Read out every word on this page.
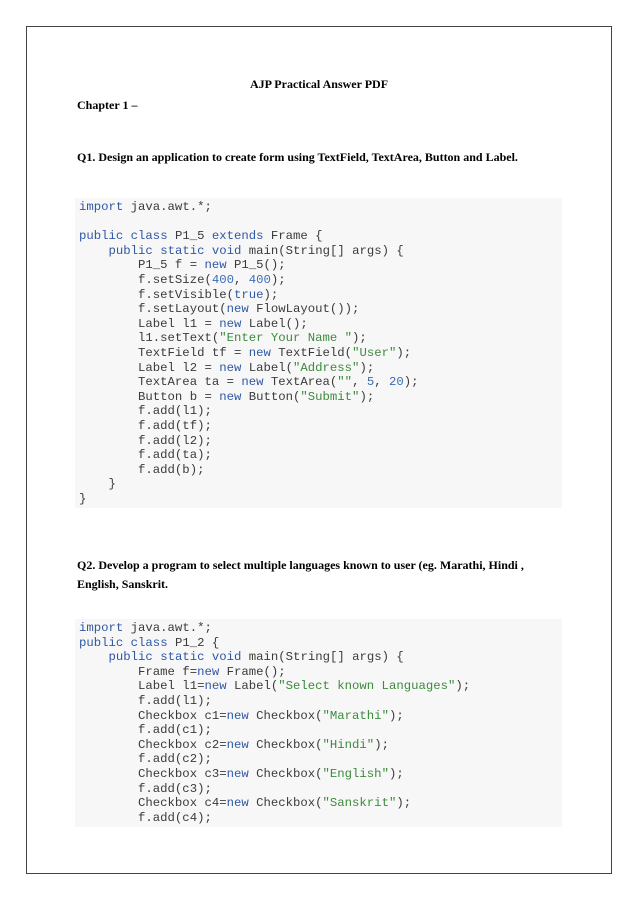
AJP Practical Answer PDF
Chapter 1 –
Q1. Design an application to create form using TextField, TextArea, Button and Label.
import java.awt.*;

public class P1_5 extends Frame {
public static void main(String[] args) {
P1_5 f = new P1_5();
f.setSize(400, 400);
f.setVisible(true);
f.setLayout(new FlowLayout());
Label l1 = new Label();
l1.setText("Enter Your Name ");
TextField tf = new TextField("User");
Label l2 = new Label("Address");
TextArea ta = new TextArea("", 5, 20);
Button b = new Button("Submit");
f.add(l1);
f.add(tf);
f.add(l2);
f.add(ta);
f.add(b);
}
}
Q2. Develop a program to select multiple languages known to user (eg. Marathi, Hindi , English, Sanskrit.
import java.awt.*;
public class P1_2 {
public static void main(String[] args) {
Frame f=new Frame();
Label l1=new Label("Select known Languages");
f.add(l1);
Checkbox c1=new Checkbox("Marathi");
f.add(c1);
Checkbox c2=new Checkbox("Hindi");
f.add(c2);
Checkbox c3=new Checkbox("English");
f.add(c3);
Checkbox c4=new Checkbox("Sanskrit");
f.add(c4);
